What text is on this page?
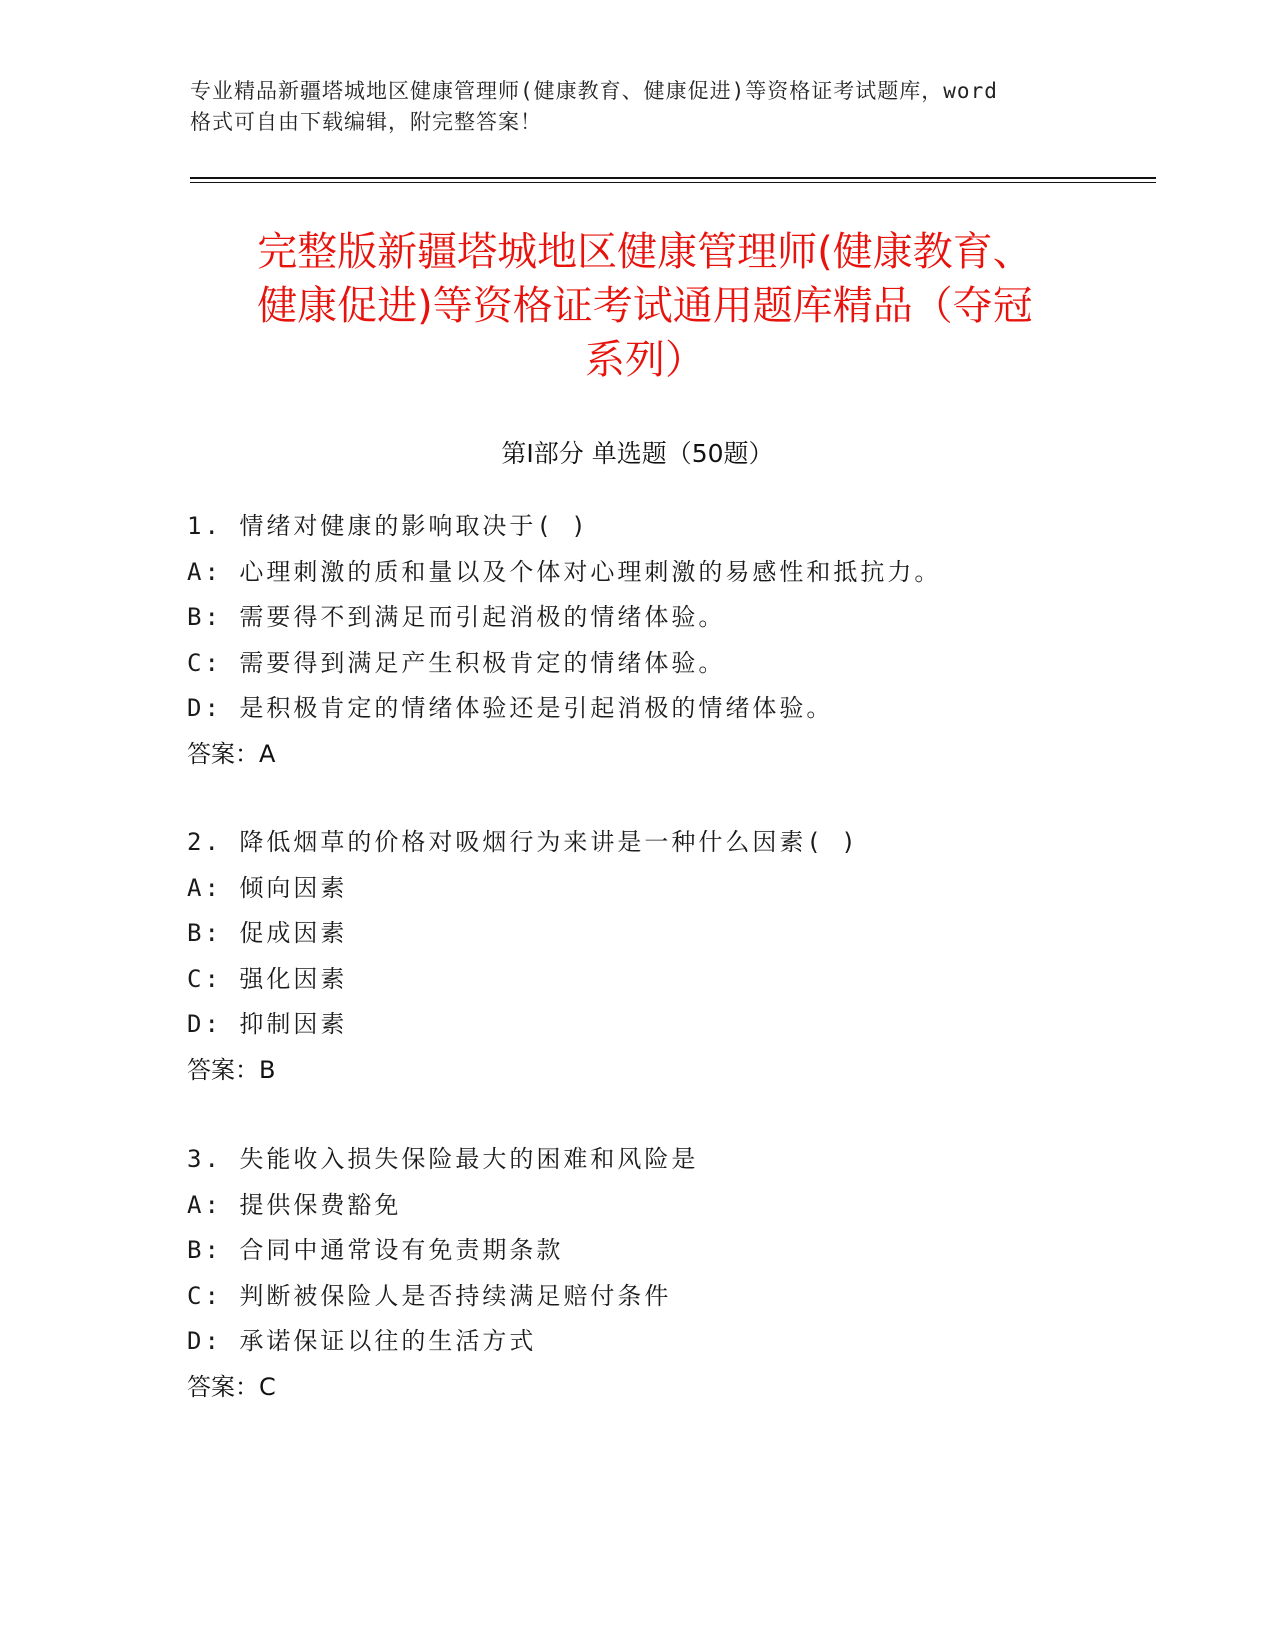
专业精品新疆塔城地区健康管理师(健康教育、健康促进)等资格证考试题库，word
格式可自由下载编辑，附完整答案！
完整版新疆塔城地区健康管理师(健康教育、
健康促进)等资格证考试通用题库精品（夺冠
系列）
第Ⅰ部分 单选题（50题）
1. 情绪对健康的影响取决于( )
A: 心理刺激的质和量以及个体对心理刺激的易感性和抵抗力。
B: 需要得不到满足而引起消极的情绪体验。
C: 需要得到满足产生积极肯定的情绪体验。
D: 是积极肯定的情绪体验还是引起消极的情绪体验。
答案：A
2. 降低烟草的价格对吸烟行为来讲是一种什么因素( )
A: 倾向因素
B: 促成因素
C: 强化因素
D: 抑制因素
答案：B
3. 失能收入损失保险最大的困难和风险是
A: 提供保费豁免
B: 合同中通常设有免责期条款
C: 判断被保险人是否持续满足赔付条件
D: 承诺保证以往的生活方式
答案：C
